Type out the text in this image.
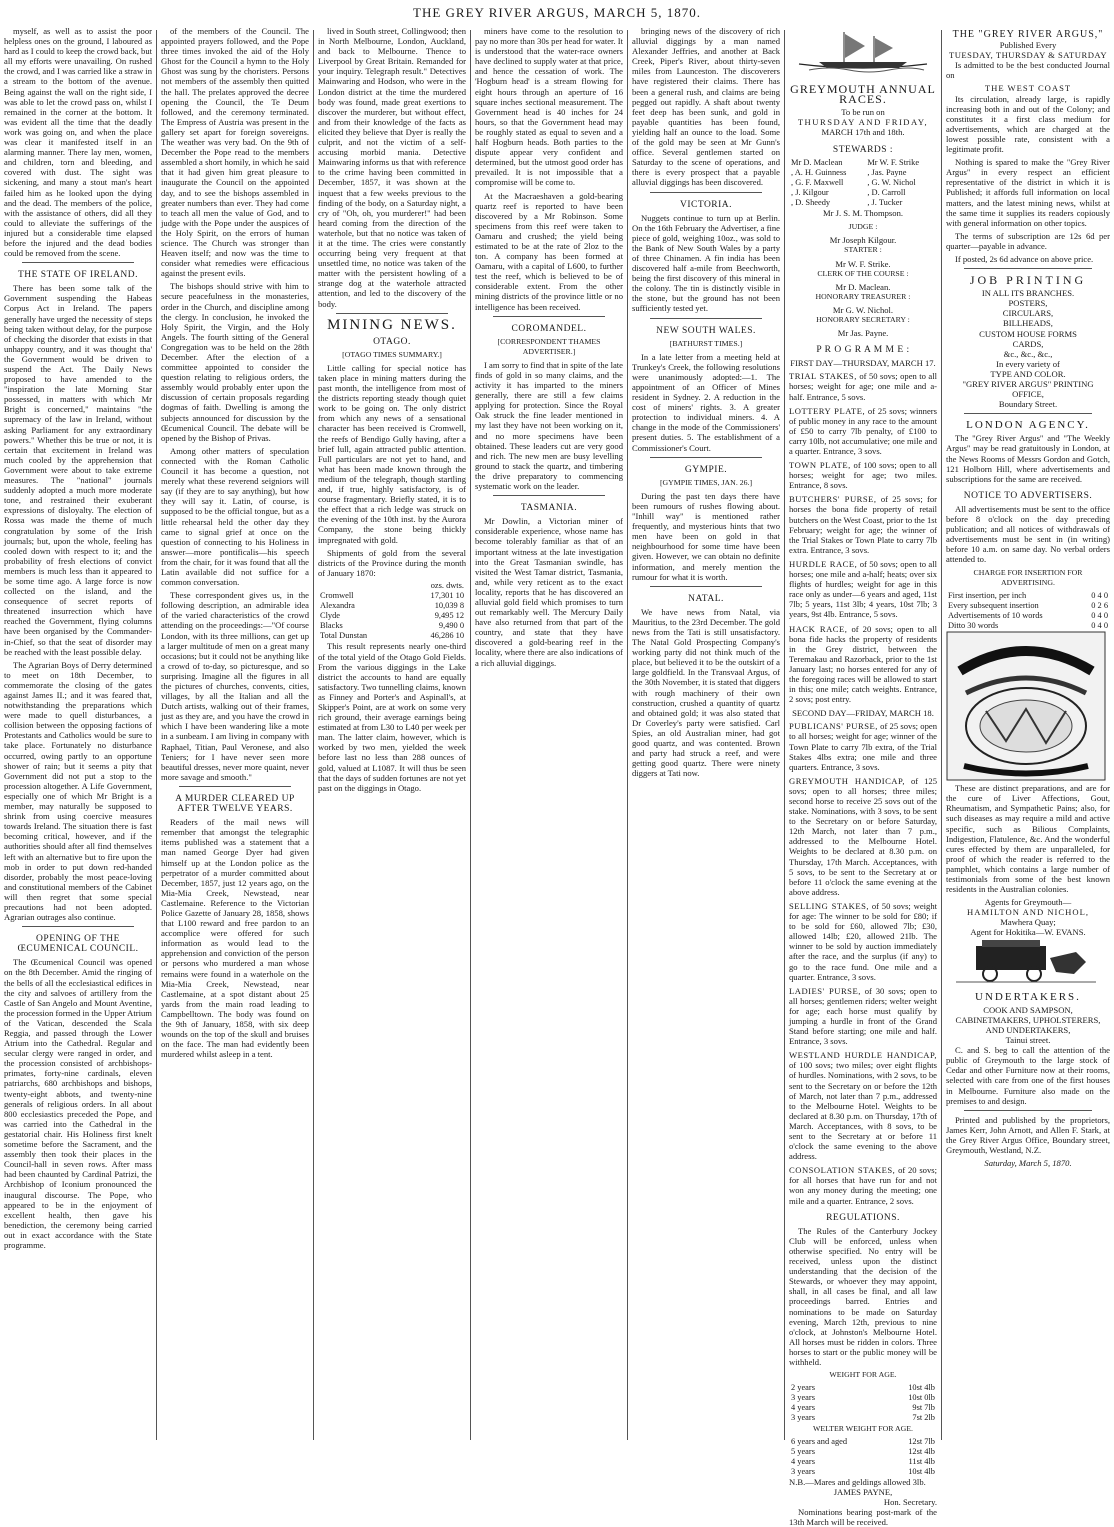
THE GREY RIVER ARGUS, MARCH 5, 1870.

myself, as well as to assist the poor helpless ones on the ground, I laboured as hard as I could to keep the crowd back, but all my efforts were unavailing. On rushed the crowd, and I was carried like a straw in a stream to the bottom of the avenue. Being against the wall on the right side, I was able to let the crowd pass on, whilst I remained in the corner at the bottom. It was evident all the time that the deadly work was going on, and when the place was clear it manifested itself in an alarming manner. There lay men, women, and children, torn and bleeding, and covered with dust. The sight was sickening, and many a stout man's heart failed him as he looked upon the dying and the dead. The members of the police, with the assistance of others, did all they could to alleviate the sufferings of the injured but a considerable time elapsed before the injured and the dead bodies could be removed from the scene.

THE STATE OF IRELAND.

There has been some talk of the Government suspending the Habeas Corpus Act in Ireland. The papers generally have urged the necessity of steps being taken without delay, for the purpose of checking the disorder that exists in that unhappy country, and it was thought tha' the Government would be driven to suspend the Act. The Daily News proposed to have amended to the "inspiration the late Morning Star possessed, in matters with which Mr Bright is concerned," maintains "the supremacy of the law in Ireland, without asking Parliament for any extraordinary powers." Whether this be true or not, it is certain that excitement in Ireland was much cooled by the apprehension that Government were about to take extreme measures. The "national" journals suddenly adopted a much more moderate tone, and restrained their exuberant expressions of disloyalty. The election of Rossa was made the theme of much congratulation by some of the Irish journals; but, upon the whole, feeling has cooled down with respect to it; and the probability of fresh elections of convict members is much less than it appeared to be some time ago. A large force is now collected on the island, and the consequence of secret reports of threatened insurrection which have reached the Government, flying columns have been organised by the Commander-in-Chief, so that the seat of disorder may be reached with the least possible delay.

The Agrarian Boys of Derry determined to meet on 18th December, to commemorate the closing of the gates against James II.; and it was feared that, notwithstanding the preparations which were made to quell disturbances, a collision between the opposing factions of Protestants and Catholics would be sure to take place. Fortunately no disturbance occurred, owing partly to an opportune shower of rain; but it seems a pity that Government did not put a stop to the procession altogether. A Life Government, especially one of which Mr Bright is a member, may naturally be supposed to shrink from using coercive measures towards Ireland. The situation there is fast becoming critical, however, and if the authorities should after all find themselves left with an alternative but to fire upon the mob in order to put down red-handed disorder, probably the most peace-loving and constitutional members of the Cabinet will then regret that some special precautions had not been adopted. Agrarian outrages also continue.

OPENING OF THE ŒCUMENICAL COUNCIL.

The Œcumenical Council was opened on the 8th December. Amid the ringing of the bells of all the ecclesiastical edifices in the city and salvoes of artillery from the Castle of San Angelo and Mount Aventine, the procession formed in the Upper Atrium of the Vatican, descended the Scala Reggia, and passed through the Lower Atrium into the Cathedral. Regular and secular clergy were ranged in order, and the procession consisted of archbishops-primates, forty-nine cardinals, eleven patriarchs, 680 archbishops and bishops, twenty-eight abbots, and twenty-nine generals of religious orders. In all about 800 ecclesiastics preceded the Pope, and was carried into the Cathedral in the gestatorial chair. His Holiness first knelt sometime before the Sacrament, and the assembly then took their places in the Council-hall in seven rows. After mass had been chaunted by Cardinal Patrizi, the Archbishop of Iconium pronounced the inaugural discourse. The Pope, who appeared to be in the enjoyment of excellent health, then gave his benediction, the ceremony being carried out in exact accordance with the State programme.

of the members of the Council. The appointed prayers followed, and the Pope three times invoked the aid of the Holy Ghost for the Council a hymn to the Holy Ghost was sung by the choristers. Persons not members of the assembly then quitted the hall. The prelates approved the decree opening the Council, the Te Deum followed, and the ceremony terminated. The Empress of Austria was present in the gallery set apart for foreign sovereigns. The weather was very bad. On the 9th of December the Pope read to the members assembled a short homily, in which he said that it had given him great pleasure to inaugurate the Council on the appointed day, and to see the bishops assembled in greater numbers than ever. They had come to teach all men the value of God, and to judge with the Pope under the auspices of the Holy Spirit, on the errors of human science. The Church was stronger than Heaven itself; and now was the time to consider what remedies were efficacious against the present evils.

The bishops should strive with him to secure peacefulness in the monasteries, order in the Church, and discipline among the clergy. In conclusion, he invoked the Holy Spirit, the Virgin, and the Holy Angels. The fourth sitting of the General Congregation was to be held on the 28th December. After the election of a committee appointed to consider the question relating to religious orders, the assembly would probably enter upon the discussion of certain proposals regarding dogmas of faith. Dwelling is among the subjects announced for discussion by the Œcumenical Council. The debate will be opened by the Bishop of Privas.

Among other matters of speculation connected with the Roman Catholic Council it has become a question, not merely what these reverend seigniors will say (if they are to say anything), but how they will say it. Latin, of course, is supposed to be the official tongue, but as a little rehearsal held the other day they came to signal grief at once on the question of connecting to his Holiness in answer—more pontificalis—his speech from the chair, for it was found that all the Latin available did not suffice for a common conversation.

These correspondent gives us, in the following description, an admirable idea of the varied characteristics of the crowd attending on the proceedings:—"Of course London, with its three millions, can get up a larger multitude of men on a great many occasions; but it could not be anything like a crowd of to-day, so picturesque, and so surprising. Imagine all the figures in all the pictures of churches, convents, cities, villages, by all the Italian and all the Dutch artists, walking out of their frames, just as they are, and you have the crowd in which I have been wandering like a mote in a sunbeam. I am living in company with Raphael, Titian, Paul Veronese, and also Teniers; for I have never seen more beautiful dresses, never more quaint, never more savage and smooth."

A MURDER CLEARED UP AFTER TWELVE YEARS.

Readers of the mail news will remember that amongst the telegraphic items published was a statement that a man named George Dyer had given himself up at the London police as the perpetrator of a murder committed about December, 1857, just 12 years ago, on the Mia-Mia Creek, Newstead, near Castlemaine. Reference to the Victorian Police Gazette of January 28, 1858, shows that L100 reward and free pardon to an accomplice were offered for such information as would lead to the apprehension and conviction of the person or persons who murdered a man whose remains were found in a waterhole on the Mia-Mia Creek, Newstead, near Castlemaine, at a spot distant about 25 yards from the main road leading to Campbelltown. The body was found on the 9th of January, 1858, with six deep wounds on the top of the skull and bruises on the face. The man had evidently been murdered whilst asleep in a tent.

lived in South street, Collingwood; then in North Melbourne, London, Auckland, and back to Melbourne. Thence to Liverpool by Great Britain. Remanded for your inquiry. Telegraph result." Detectives Mainwaring and Hodson, who were in the London district at the time the murdered body was found, made great exertions to discover the murderer, but without effect, and from their knowledge of the facts as elicited they believe that Dyer is really the culprit, and not the victim of a self-accusing morbid mania. Detective Mainwaring informs us that with reference to the crime having been committed in December, 1857, it was shown at the inquest that a few weeks previous to the finding of the body, on a Saturday night, a cry of "Oh, oh, you murderer!" had been heard coming from the direction of the waterhole, but that no notice was taken of it at the time. The cries were constantly occurring being very frequent at that unsettled time, no notice was taken of the matter with the persistent howling of a strange dog at the waterhole attracted attention, and led to the discovery of the body.

MINING NEWS.
OTAGO.
[OTAGO TIMES SUMMARY.]

Little calling for special notice has taken place in mining matters during the past month, the intelligence from most of the districts reporting steady though quiet work to be going on. The only district from which any news of a sensational character has been received is Cromwell, the reefs of Bendigo Gully having, after a brief lull, again attracted public attention. Full particulars are not yet to hand, and what has been made known through the medium of the telegraph, though startling and, if true, highly satisfactory, is of course fragmentary. Briefly stated, it is to the effect that a rich ledge was struck on the evening of the 10th inst. by the Aurora Company, the stone being thickly impregnated with gold.

Shipments of gold from the several districts of the Province during the month of January 1870:

	ozs. dwts.
Cromwell	17,301 10
Alexandra	10,039 8
Clyde	9,495 12
Blacks	9,490 0
Total Dunstan	46,286 10

This result represents nearly one-third of the total yield of the Otago Gold Fields. From the various diggings in the Lake district the accounts to hand are equally satisfactory. Two tunnelling claims, known as Finney and Porter's and Aspinall's, at Skipper's Point, are at work on some very rich ground, their average earnings being estimated at from L30 to L40 per week per man. The latter claim, however, which is worked by two men, yielded the week before last no less than 288 ounces of gold, valued at L1087. It will thus be seen that the days of sudden fortunes are not yet past on the diggings in Otago.

miners have come to the resolution to pay no more than 30s per head for water. It is understood that the water-race owners have declined to supply water at that price, and hence the cessation of work. The 'Hogburn head' is a stream flowing for eight hours through an aperture of 16 square inches sectional measurement. The Government head is 40 inches for 24 hours, so that the Government head may be roughly stated as equal to seven and a half Hogburn heads. Both parties to the dispute appear very confident and determined, but the utmost good order has prevailed. It is not impossible that a compromise will be come to.

At the Macraeshaven a gold-bearing quartz reef is reported to have been discovered by a Mr Robinson. Some specimens from this reef were taken to Oamaru and crushed; the yield being estimated to be at the rate of 2loz to the ton. A company has been formed at Oamaru, with a capital of L600, to further test the reef, which is believed to be of considerable extent. From the other mining districts of the province little or no intelligence has been received.

COROMANDEL.
[CORRESPONDENT THAMES ADVERTISER.]

I am sorry to find that in spite of the late finds of gold in so many claims, and the activity it has imparted to the miners generally, there are still a few claims applying for protection. Since the Royal Oak struck the fine leader mentioned in my last they have not been working on it, and no more specimens have been obtained. These leaders cut are very good and rich. The new men are busy levelling ground to stack the quartz, and timbering the drive preparatory to commencing systematic work on the leader.

TASMANIA.

Mr Dowlin, a Victorian miner of considerable experience, whose name has become tolerably familiar as that of an important witness at the late investigation into the Great Tasmanian swindle, has visited the West Tamar district, Tasmania, and, while very reticent as to the exact locality, reports that he has discovered an alluvial gold field which promises to turn out remarkably well. The Mercury Daily have also returned from that part of the country, and state that they have discovered a gold-bearing reef in the locality, where there are also indications of a rich alluvial diggings.

bringing news of the discovery of rich alluvial diggings by a man named Alexander Jeffries, and another at Back Creek, Piper's River, about thirty-seven miles from Launceston. The discoverers have registered their claims. There has been a general rush, and claims are being pegged out rapidly. A shaft about twenty feet deep has been sunk, and gold in payable quantities has been found, yielding half an ounce to the load. Some of the gold may be seen at Mr Gunn's office. Several gentlemen started on Saturday to the scene of operations, and there is every prospect that a payable alluvial diggings has been discovered.

VICTORIA.

Nuggets continue to turn up at Berlin. On the 16th February the Advertiser, a fine piece of gold, weighing 10oz., was sold to the Bank of New South Wales by a party of three Chinamen. A fin india has been discovered half a-mile from Beechworth, being the first discovery of this mineral in the colony. The tin is distinctly visible in the stone, but the ground has not been sufficiently tested yet.

NEW SOUTH WALES.
[BATHURST TIMES.]

In a late letter from a meeting held at Trunkey's Creek, the following resolutions were unanimously adopted:—1. The appointment of an Officer of Mines resident in Sydney. 2. A reduction in the cost of miners' rights. 3. A greater protection to individual miners. 4. A change in the mode of the Commissioners' present duties. 5. The establishment of a Commissioner's Court.

GYMPIE.
[GYMPIE TIMES, JAN. 26.]

During the past ten days there have been rumours of rushes flowing about. "Inhill way" is mentioned rather frequently, and mysterious hints that two men have been on gold in that neighbourhood for some time have been given. However, we can obtain no definite information, and merely mention the rumour for what it is worth.

NATAL.

We have news from Natal, via Mauritius, to the 23rd December. The gold news from the Tati is still unsatisfactory. The Natal Gold Prospecting Company's working party did not think much of the place, but believed it to be the outskirt of a large goldfield. In the Transvaal Argus, of the 30th November, it is stated that diggers with rough machinery of their own construction, crushed a quantity of quartz and obtained gold; it was also stated that Dr Coverley's party were satisfied. Carl Spies, an old Australian miner, had got good quartz, and was contented. Brown and party had struck a reef, and were getting good quartz. There were ninety diggers at Tati now.

GREYMOUTH ANNUAL RACES.
To be run on
THURSDAY AND FRIDAY,
MARCH 17th and 18th.
STEWARDS :
Mr D. Maclean	Mr W. F. Strike
, A. H. Guinness	, Jas. Payne
, G. F. Maxwell	, G. W. Nichol
, J. Kilgour	, D. Carroll
, D. Sheedy	, J. Tucker
Mr J. S. M. Thompson.
JUDGE :
Mr Joseph Kilgour.
STARTER :
Mr W. F. Strike.
CLERK OF THE COURSE :
Mr D. Maclean.
HONORARY TREASURER :
Mr G. W. Nichol.
HONORARY SECRETARY :
Mr Jas. Payne.
P R O G R A M M E :
FIRST DAY—THURSDAY, MARCH 17.
TRIAL STAKES, of 50 sovs; open to all horses; weight for age; one mile and a-half. Entrance, 5 sovs.
LOTTERY PLATE, of 25 sovs; winners of public money in any race to the amount of £50 to carry 7lb penalty, of £100 to carry 10lb, not accumulative; one mile and a quarter. Entrance, 3 sovs.
TOWN PLATE, of 100 sovs; open to all horses; weight for age; two miles. Entrance, 8 sovs.
BUTCHERS' PURSE, of 25 sovs; for horses the bona fide property of retail butchers on the West Coast, prior to the 1st February; weight for age; the winner of the Trial Stakes or Town Plate to carry 7lb extra. Entrance, 3 sovs.
HURDLE RACE, of 50 sovs; open to all horses; one mile and a-half; heats; over six flights of hurdles; weight for age in this race only as under—6 years and aged, 11st 7lb; 5 years, 11st 3lb; 4 years, 10st 7lb; 3 years, 9st 4lb. Entrance, 5 sovs.
HACK RACE, of 20 sovs; open to all bona fide hacks the property of residents in the Grey district, between the Teremakau and Razorback, prior to the 1st January last; no horses entered for any of the foregoing races will be allowed to start in this; one mile; catch weights. Entrance, 2 sovs; post entry.
SECOND DAY—FRIDAY, MARCH 18.
PUBLICANS' PURSE, of 25 sovs; open to all horses; weight for age; winner of the Town Plate to carry 7lb extra, of the Trial Stakes 4lbs extra; one mile and three quarters. Entrance, 3 sovs.
GREYMOUTH HANDICAP, of 125 sovs; open to all horses; three miles; second horse to receive 25 sovs out of the stake. Nominations, with 3 sovs, to be sent to the Secretary on or before Saturday, 12th March, not later than 7 p.m., addressed to the Melbourne Hotel. Weights to be declared at 8.30 p.m. on Thursday, 17th March. Acceptances, with 5 sovs, to be sent to the Secretary at or before 11 o'clock the same evening at the above address.
SELLING STAKES, of 50 sovs; weight for age: The winner to be sold for £80; if to be sold for £60, allowed 7lb; £30, allowed 14lb; £20, allowed 21lb. The winner to be sold by auction immediately after the race, and the surplus (if any) to go to the race fund. One mile and a quarter. Entrance, 3 sovs.
LADIES' PURSE, of 30 sovs; open to all horses; gentlemen riders; welter weight for age; each horse must qualify by jumping a hurdle in front of the Grand Stand before starting; one mile and half. Entrance, 3 sovs.
WESTLAND HURDLE HANDICAP, of 100 sovs; two miles; over eight flights of hurdles. Nominations, with 2 sovs, to be sent to the Secretary on or before the 12th of March, not later than 7 p.m., addressed to the Melbourne Hotel. Weights to be declared at 8.30 p.m. on Thursday, 17th of March. Acceptances, with 8 sovs, to be sent to the Secretary at or before 11 o'clock the same evening to the above address.
CONSOLATION STAKES, of 20 sovs; for all horses that have run for and not won any money during the meeting; one mile and a quarter. Entrance, 2 sovs.
REGULATIONS.

The Rules of the Canterbury Jockey Club will be enforced, unless when otherwise specified. No entry will be received, unless upon the distinct understanding that the decision of the Stewards, or whoever they may appoint, shall, in all cases be final, and all law proceedings barred. Entries and nominations to be made on Saturday evening, March 12th, previous to nine o'clock, at Johnston's Melbourne Hotel. All horses must be ridden in colors. Three horses to start or the public money will be withheld.

WEIGHT FOR AGE.
2 years	10st 4lb
3 years	10st 0lb
4 years	9st 7lb
3 years	7st 2lb
WELTER WEIGHT FOR AGE.
6 years and aged	12st 7lb
5 years	12st 4lb
4 years	11st 4lb
3 years	10st 4lb
N.B.—Mares and geldings allowed 3lb.
JAMES PAYNE,
Hon. Secretary.

Nominations bearing post-mark of the 13th March will be received.

THE "GREY RIVER ARGUS,"
Published Every
TUESDAY, THURSDAY & SATURDAY

Is admitted to be the best conducted Journal on

THE WEST COAST

Its circulation, already large, is rapidly increasing both in and out of the Colony; and constitutes it a first class medium for advertisements, which are charged at the lowest possible rate, consistent with a legitimate profit.

Nothing is spared to make the "Grey River Argus" in every respect an efficient representative of the district in which it is Published; it affords full information on local matters, and the latest mining news, whilst at the same time it supplies its readers copiously with general information on other topics.

The terms of subscription are 12s 6d per quarter—payable in advance.

If posted, 2s 6d advance on above price.

JOB PRINTING
IN ALL ITS BRANCHES.
POSTERS,
CIRCULARS,
BILLHEADS,
CUSTOM HOUSE FORMS
CARDS,
&c., &c., &c.,
In every variety of
TYPE AND COLOR.
"GREY RIVER ARGUS" PRINTING OFFICE,
Boundary Street.
LONDON AGENCY.

The "Grey River Argus" and "The Weekly Argus" may be read gratuitously in London, at the News Rooms of Messrs Gordon and Gotch, 121 Holborn Hill, where advertisements and subscriptions for the same are received.

NOTICE TO ADVERTISERS.

All advertisements must be sent to the office before 8 o'clock on the day preceding publication; and all notices of withdrawals of advertisements must be sent in (in writing) before 10 a.m. on same day. No verbal orders attended to.

CHARGE FOR INSERTION FOR ADVERTISING.
First insertion, per inch	0 4 0
Every subsequent insertion	0 2 6
Advertisements of 10 words	0 4 0
Ditto 30 words	0 4 0

These are distinct preparations, and are for the cure of Liver Affections, Gout, Rheumatism, and Sympathetic Pains; also, for such diseases as may require a mild and active specific, such as Bilious Complaints, Indigestion, Flatulence, &c. And the wonderful cures effected by them are unparalleled, for proof of which the reader is referred to the pamphlet, which contains a large number of testimonials from some of the best known residents in the Australian colonies.

Agents for Greymouth—
HAMILTON AND NICHOL,
Mawhera Quay;
Agent for Hokitika—W. EVANS.
UNDERTAKERS.
COOK AND SAMPSON,
CABINETMAKERS, UPHOLSTERERS, AND UNDERTAKERS,
Tainui street.

C. and S. beg to call the attention of the public of Greymouth to the large stock of Cedar and other Furniture now at their rooms, selected with care from one of the first houses in Melbourne. Furniture also made on the premises to and design.

Printed and published by the proprietors, James Kerr, John Arnott, and Allen F. Stark, at the Grey River Argus Office, Boundary street, Greymouth, Westland, N.Z.

Saturday, March 5, 1870.
